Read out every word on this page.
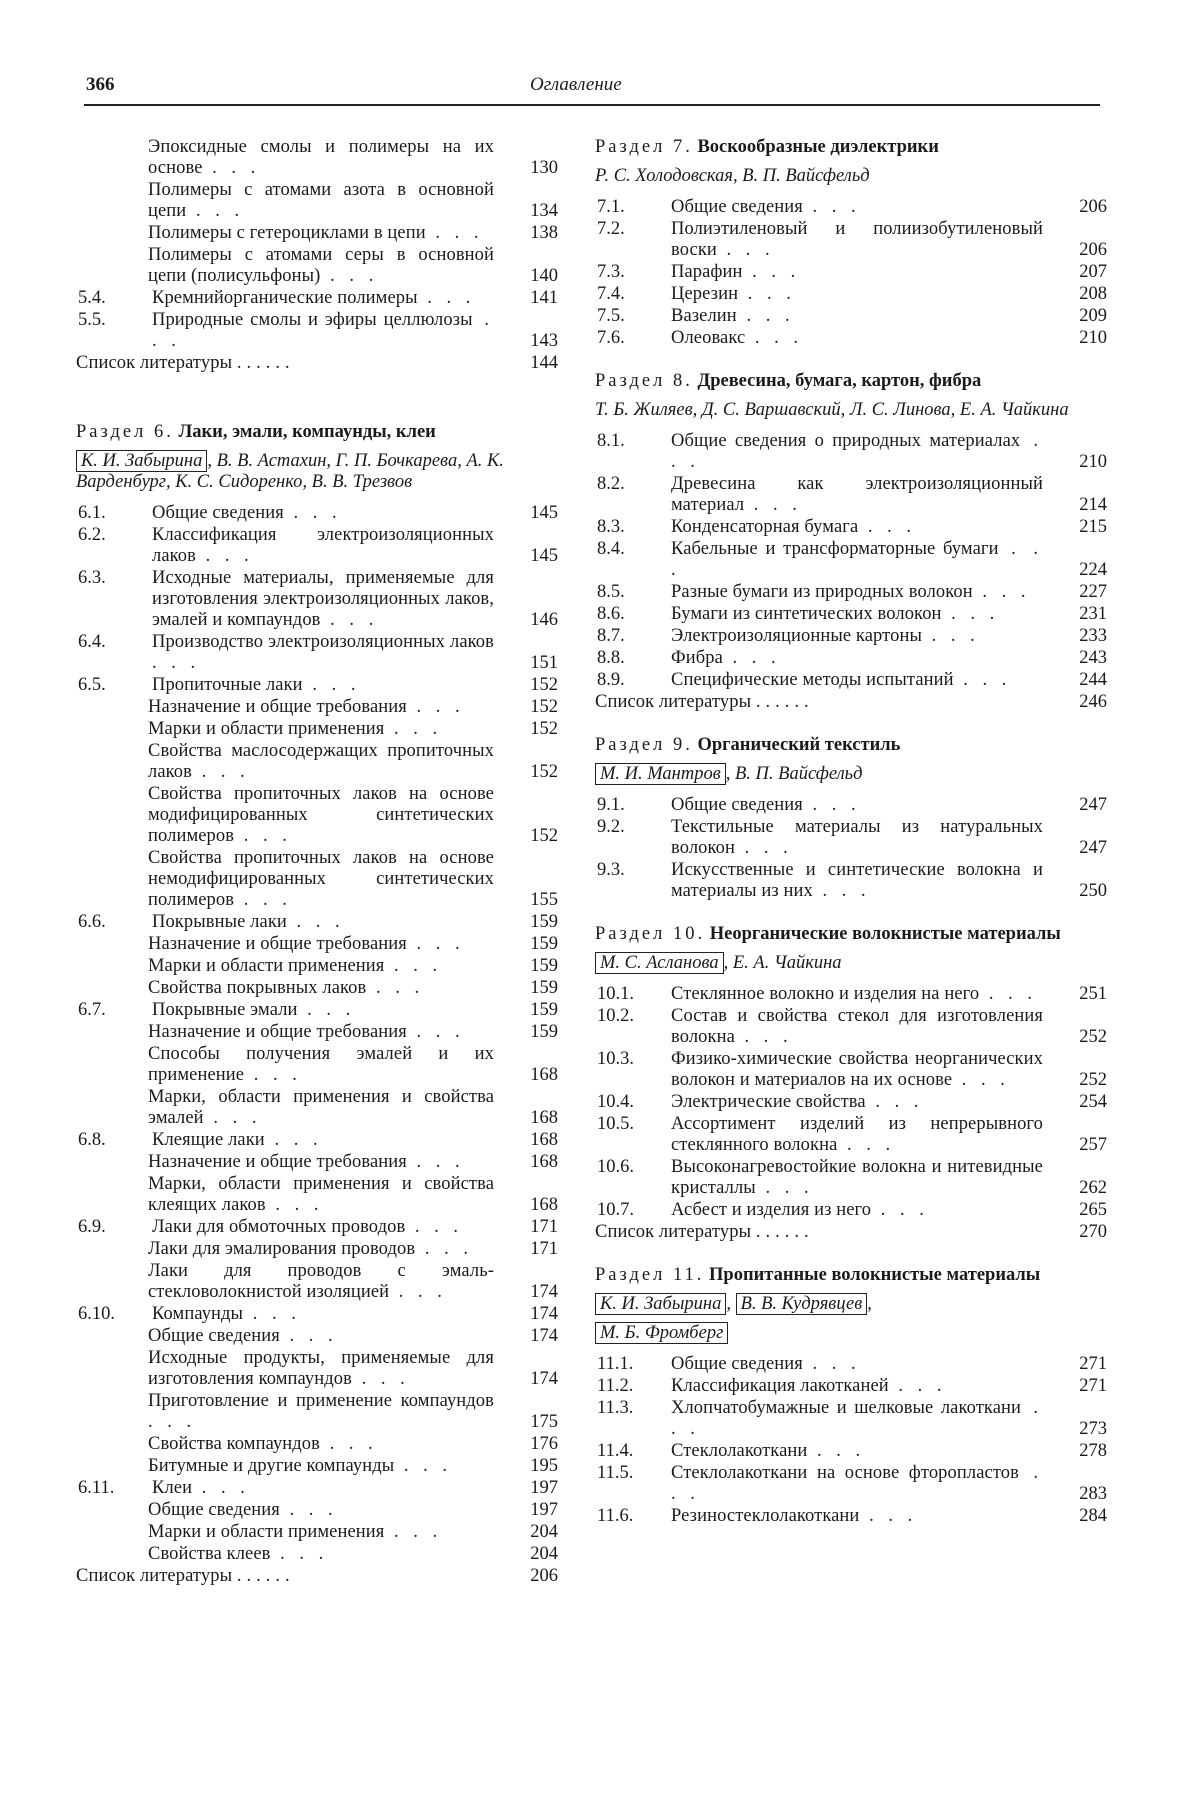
366	Оглавление
Эпоксидные смолы и полимеры на их основе . . .	130
Полимеры с атомами азота в основной цепи . . .	134
Полимеры с гетероциклами в цепи . . .	138
Полимеры с атомами серы в основной цепи (полисульфоны) . . .	140
5.4.	Кремнийорганические полимеры . . .	141
5.5.	Природные смолы и эфиры целлюлозы . . .	143
Список литературы ......	144
Раздел 6. Лаки, эмали, компаунды, клеи
К. И. Забырина , В. В. Астахин, Г. П. Бочкарева, А. К. Варденбург, К. С. Сидоренко, В. В. Трезвов
6.1.	Общие сведения . . .	145
6.2.	Классификация электроизоляционных лаков . . .	145
6.3.	Исходные материалы, применяемые для изготовления электроизоляционных лаков, эмалей и компаундов . . .	146
6.4.	Производство электроизоляционных лаков . . .	151
6.5.	Пропиточные лаки . . .	152
Назначение и общие требования . . .	152
Марки и области применения . . .	152
Свойства маслосодержащих пропиточных лаков . . .	152
Свойства пропиточных лаков на основе модифицированных синтетических полимеров . . .	152
Свойства пропиточных лаков на основе немодифицированных синтетических полимеров . . .	155
6.6.	Покрывные лаки . . .	159
Назначение и общие требования . . .	159
Марки и области применения . . .	159
Свойства покрывных лаков . . .	159
6.7.	Покрывные эмали . . .	159
Назначение и общие требования . . .	159
Способы получения эмалей и их применение . . .	168
Марки, области применения и свойства эмалей . . .	168
6.8.	Клеящие лаки . . .	168
Назначение и общие требования . . .	168
Марки, области применения и свойства клеящих лаков . . .	168
6.9.	Лаки для обмоточных проводов . . .	171
Лаки для эмалирования проводов . . .	171
Лаки для проводов с эмаль-стекловолокнистой изоляцией . . .	174
6.10.	Компаунды . . .	174
Общие сведения . . .	174
Исходные продукты, применяемые для изготовления компаундов . . .	174
Приготовление и применение компаундов . . .	175
Свойства компаундов . . .	176
Битумные и другие компаунды . . .	195
6.11.	Клеи . . .	197
Общие сведения . . .	197
Марки и области применения . . .	204
Свойства клеев . . .	204
Список литературы ......	206
Раздел 7. Воскообразные диэлектрики
Р. С. Холодовская, В. П. Вайсфельд
7.1.	Общие сведения . . .	206
7.2.	Полиэтиленовый и полиизобутиленовый воски . . .	206
7.3.	Парафин . . .	207
7.4.	Церезин . . .	208
7.5.	Вазелин . . .	209
7.6.	Олеовакс . . .	210
Раздел 8. Древесина, бумага, картон, фибра
Т. Б. Жиляев, Д. С. Варшавский, Л. С. Линова, Е. А. Чайкина
8.1.	Общие сведения о природных материалах . . .	210
8.2.	Древесина как электроизоляционный материал . . .	214
8.3.	Конденсаторная бумага . . .	215
8.4.	Кабельные и трансформаторные бумаги . . .	224
8.5.	Разные бумаги из природных волокон . . .	227
8.6.	Бумаги из синтетических волокон . . .	231
8.7.	Электроизоляционные картоны . . .	233
8.8.	Фибра . . .	243
8.9.	Специфические методы испытаний . . .	244
Список литературы ......	246
Раздел 9. Органический текстиль
М. И. Мантров , В. П. Вайсфельд
9.1.	Общие сведения . . .	247
9.2.	Текстильные материалы из натуральных волокон . . .	247
9.3.	Искусственные и синтетические волокна и материалы из них . . .	250
Раздел 10. Неорганические волокнистые материалы
М. С. Асланова , Е. А. Чайкина
10.1.	Стеклянное волокно и изделия на него . . .	251
10.2.	Состав и свойства стекол для изготовления волокна . . .	252
10.3.	Физико-химические свойства неорганических волокон и материалов на их основе . . .	252
10.4.	Электрические свойства . . .	254
10.5.	Ассортимент изделий из непрерывного стеклянного волокна . . .	257
10.6.	Высоконагревостойкие волокна и нитевидные кристаллы . . .	262
10.7.	Асбест и изделия из него . . .	265
Список литературы ......	270
Раздел 11. Пропитанные волокнистые материалы
К. И. Забырина , В. В. Кудрявцев ,
М. Б. Фромберг
11.1.	Общие сведения . . .	271
11.2.	Классификация лакотканей . . .	271
11.3.	Хлопчатобумажные и шелковые лакоткани . . .	273
11.4.	Стеклолакоткани . . .	278
11.5.	Стеклолакоткани на основе фторопластов . . .	283
11.6.	Резиностеклолакоткани . . .	284
